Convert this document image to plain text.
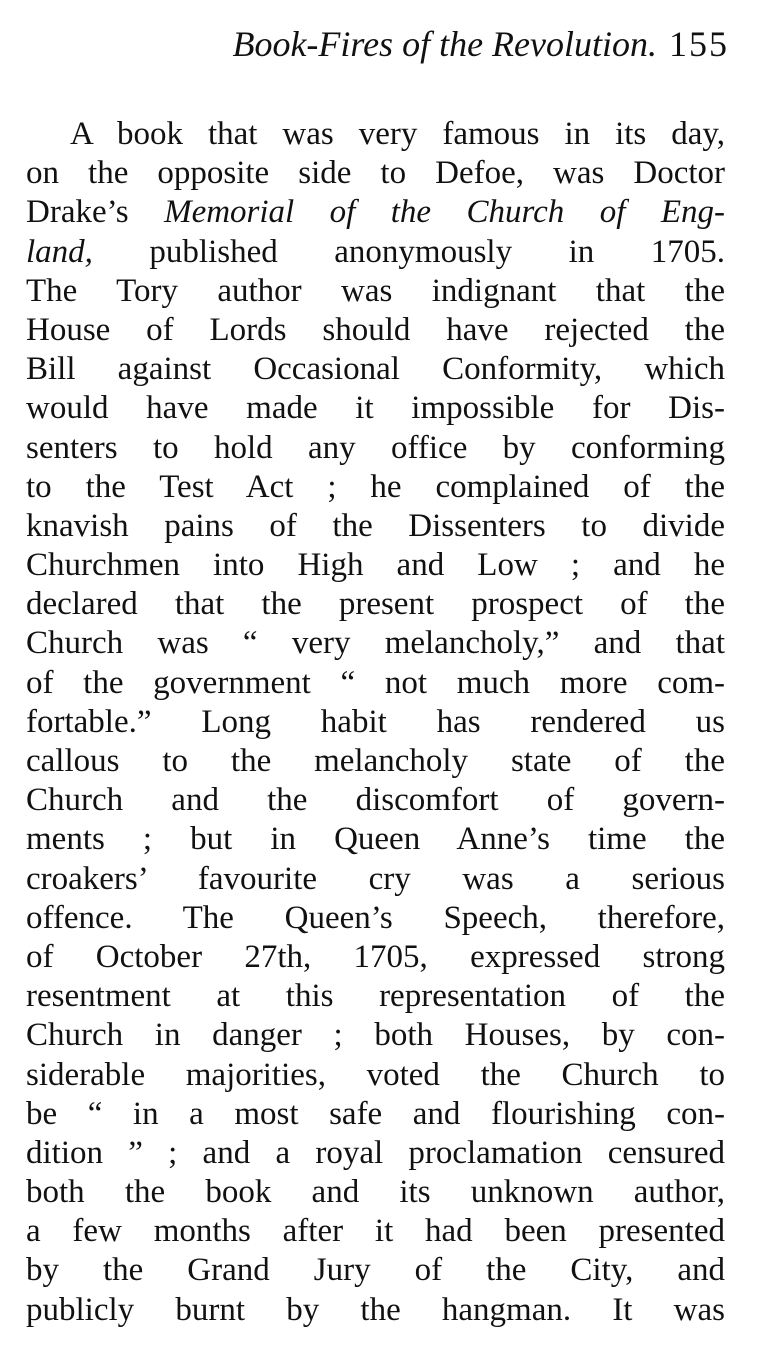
Book-Fires of the Revolution. 155
A book that was very famous in its day,
on the opposite side to Defoe, was Doctor
Drake’s Memorial of the Church of Eng-
land, published anonymously in 1705.
The Tory author was indignant that the
House of Lords should have rejected the
Bill against Occasional Conformity, which
would have made it impossible for Dis-
senters to hold any office by conforming
to the Test Act ; he complained of the
knavish pains of the Dissenters to divide
Churchmen into High and Low ; and he
declared that the present prospect of the
Church was “ very melancholy,” and that
of the government “ not much more com-
fortable.” Long habit has rendered us
callous to the melancholy state of the
Church and the discomfort of govern-
ments ; but in Queen Anne’s time the
croakers’ favourite cry was a serious
offence. The Queen’s Speech, therefore,
of October 27th, 1705, expressed strong
resentment at this representation of the
Church in danger ; both Houses, by con-
siderable majorities, voted the Church to
be “ in a most safe and flourishing con-
dition ” ; and a royal proclamation censured
both the book and its unknown author,
a few months after it had been presented
by the Grand Jury of the City, and
publicly burnt by the hangman. It was
